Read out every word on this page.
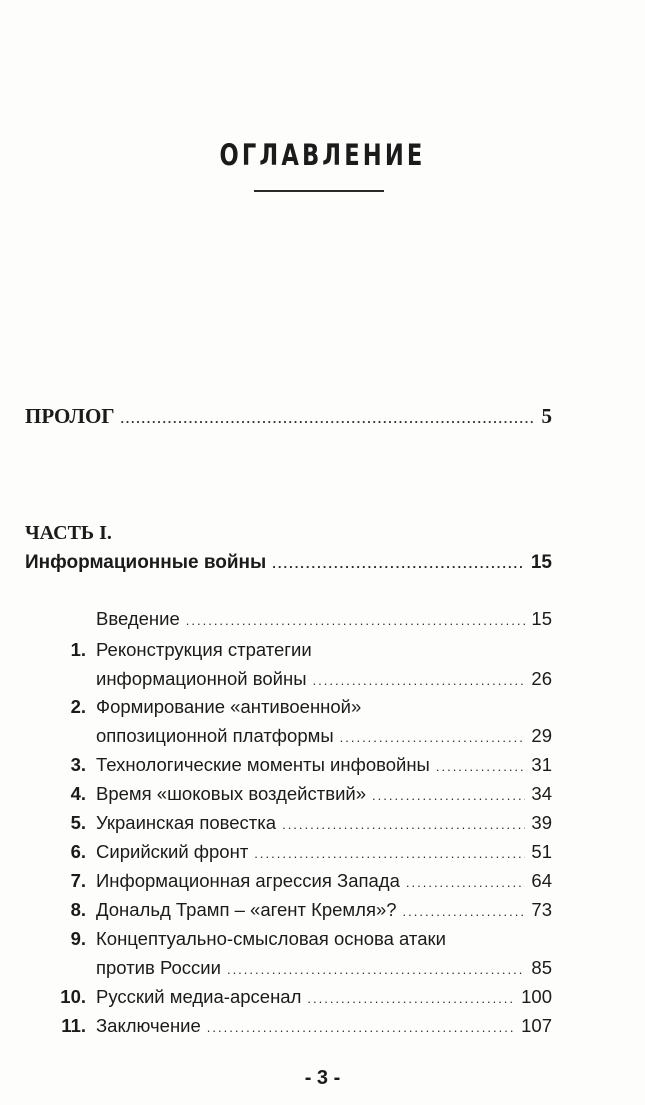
ОГЛАВЛЕНИЕ
ПРОЛОГ .....	5
ЧАСТЬ I.
Информационные войны .....	15
Введение .....	15
1. Реконструкция стратегии
информационной войны .....	26
2. Формирование «антивоенной»
оппозиционной платформы .....	29
3. Технологические моменты инфовойны .....	31
4. Время «шоковых воздействий» .....	34
5. Украинская повестка .....	39
6. Сирийский фронт .....	51
7. Информационная агрессия Запада .....	64
8. Дональд Трамп – «агент Кремля»? .....	73
9. Концептуально-смысловая основа атаки
против России .....	85
10. Русский медиа-арсенал .....	100
11. Заключение .....	107
- 3 -
